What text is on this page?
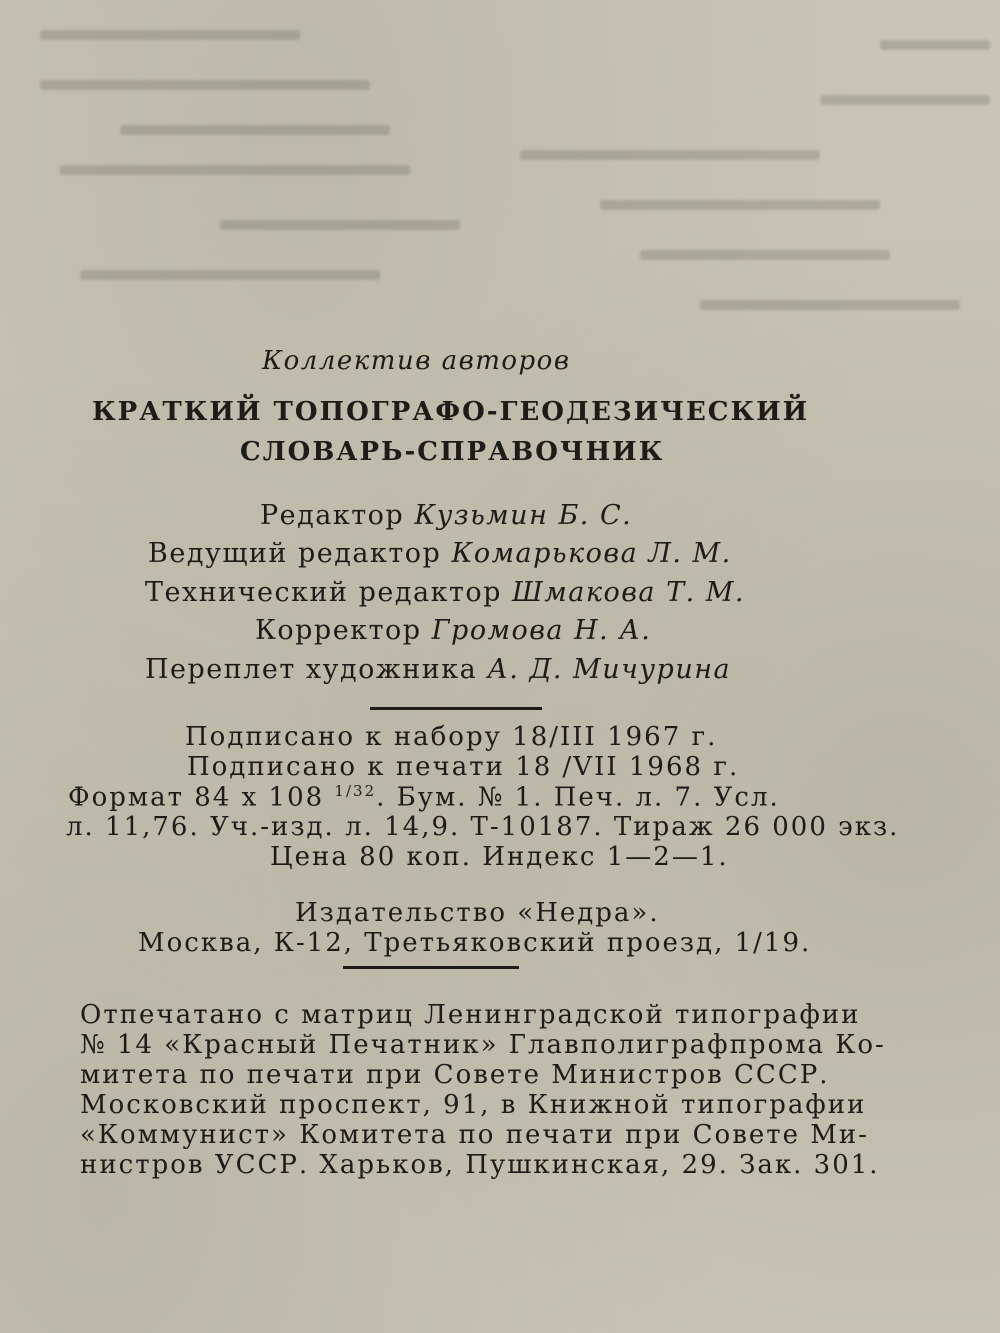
Коллектив авторов
КРАТКИЙ ТОПОГРАФО-ГЕОДЕЗИЧЕСКИЙ
СЛОВАРЬ-СПРАВОЧНИК
Редактор Кузьмин Б. С.
Ведущий редактор Комарькова Л. М.
Технический редактор Шмакова Т. М.
Корректор Громова Н. А.
Переплет художника А. Д. Мичурина
Подписано к набору 18/III 1967 г.
Подписано к печати 18 /VII 1968 г.
Формат 84 x 108 $^{1/32}$. Бум. № 1. Печ. л. 7. Усл.
л. 11,76. Уч.-изд. л. 14,9. Т-10187. Тираж 26 000 экз.
Цена 80 коп. Индекс 1—2—1.
Издательство «Недра».
Москва, К-12, Третьяковский проезд, 1/19.
Отпечатано с матриц Ленинградской типографии
№ 14 «Красный Печатник» Главполиграфпрома Ко-
митета по печати при Совете Министров СССР.
Московский проспект, 91, в Книжной типографии
«Коммунист» Комитета по печати при Совете Ми-
нистров УССР. Харьков, Пушкинская, 29. Зак. 301.
